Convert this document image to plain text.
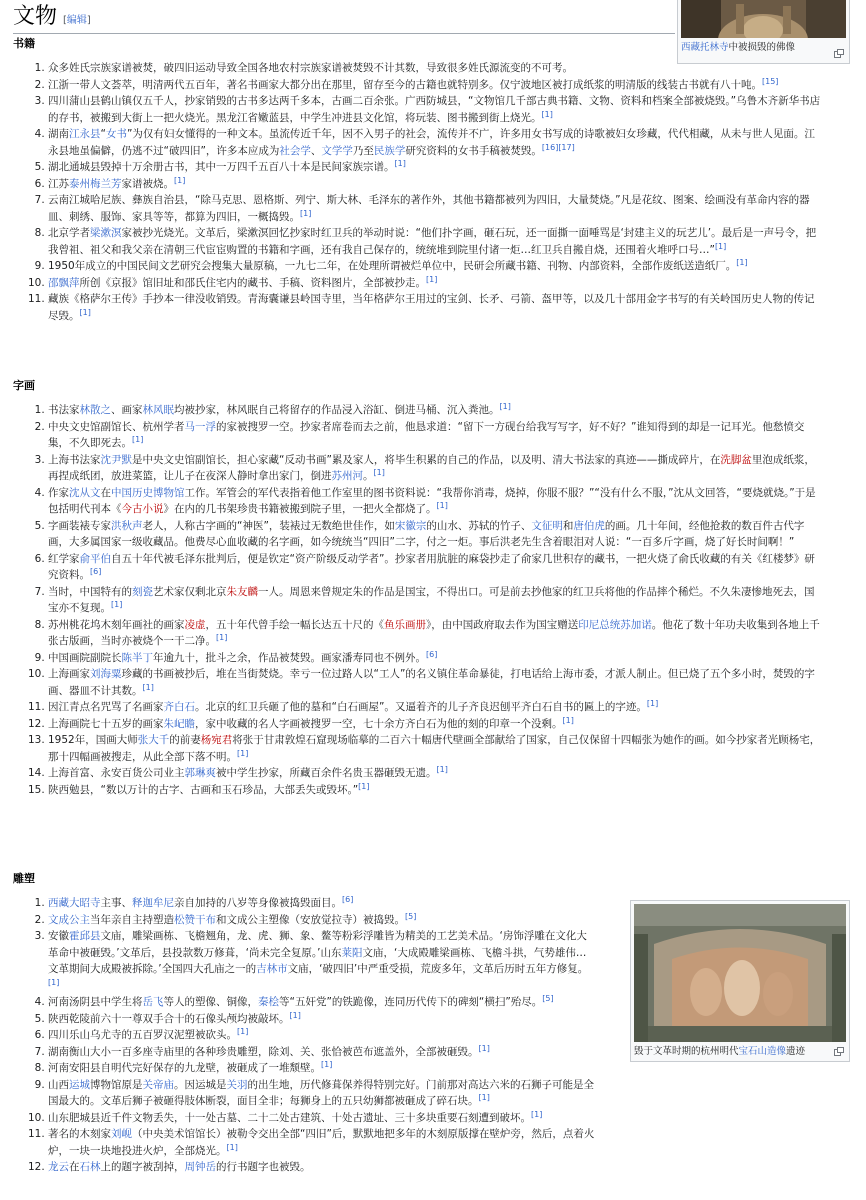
文物 [编辑]
西藏托林寺中被损毁的佛像
毁于文革时期的杭州明代宝石山造像遗迹
书籍
1. 众多姓氏宗族家谱被焚，破四旧运动导致全国各地农村宗族家谱被焚毁不计其数，导致很多姓氏源流变的不可考。
2. 江浙一带人文荟萃，明清两代五百年，著名书画家大都分出在那里，留存至今的古籍也就特别多。仅宁波地区被打成纸浆的明清版的线装古书就有八十吨。[15]
3. 四川蒲山县鹤山镇仅五千人，抄家销毁的古书多达两千多本，古画二百余张。广西防城县，“文物馆几千部古典书籍、文物、资料和档案全部被烧毁。”乌鲁木齐新华书店的存书，被搬到大街上一把火烧光。黑龙江省嫩蓝县，中学生冲进县文化馆，将玩装、图书搬到街上烧光。[1]
4. 湖南江永县“女书”为仅有妇女懂得的一种文本。虽流传近千年，因不入男子的社会，流传并不广，许多用女书写成的诗歌被妇女珍藏，代代相藏，从未与世人见面。江永县地虽偏僻，仍逃不过“破四旧”，许多本应成为社会学、文学学乃至民族学研究资料的女书手稿被焚毁。[16][17]
5. 湖北通城县毁掉十万余册古书，其中一万四千五百八十本是民间家族宗谱。[1]
6. 江苏泰州梅兰芳家谱被烧。[1]
7. 云南江城哈尼族、彝族自治县，“除马克思、恩格斯、列宁、斯大林、毛泽东的著作外，其他书籍都被列为四旧，大量焚烧。”凡是花纹、图案、绘画没有革命内容的器皿、刺绣、服饰、家具等等，都算为四旧，一概捣毁。[1]
8. 北京学者梁漱溟家被抄光烧光。文革后，梁漱溟回忆抄家时红卫兵的举动时说：“他们扑字画，砸石玩，还一面撕一面唾骂是‘封建主义的玩艺儿’。最后是一声号令，把我曾祖、祖父和我父亲在清朝三代宦宦购置的书籍和字画，还有我自己保存的，统统堆到院里付诸一炬…红卫兵自搬自烧，还围着火堆呼口号…”[1]
9. 1950年成立的中国民间文艺研究会搜集大量原稿，一九七二年，在处理所谓被烂单位中，民研会所藏书籍、刊物、内部资料，全部作废纸送造纸厂。[1]
10. 邵飘萍所创《京报》馆旧址和邵氏住宅内的藏书、手稿、资料图片，全部被抄走。[1]
11. 藏族《格萨尔王传》手抄本一律没收销毁。青海囊谦县岭国寺里，当年格萨尔王用过的宝剑、长矛、弓箭、盔甲等，以及几十部用金字书写的有关岭国历史人物的传记尽毁。[1]
字画
1. 书法家林散之、画家林风眠均被抄家，林风眠自己将留存的作品浸入浴缸、倒进马桶、沉入粪池。[1]
2. 中央文史馆副馆长、杭州学者马一浮的家被搜罗一空。抄家者席卷而去之前，他恳求道：“留下一方砚台给我写写字，好不好？”谁知得到的却是一记耳光。他愁愤交集，不久即死去。[1]
3. 上海书法家沈尹默是中央文史馆副馆长，担心家藏“反动书画”累及家人，将毕生积累的自己的作品，以及明、清大书法家的真迹——撕成碎片，在洗脚盆里泡成纸浆，再捏成纸团，放进菜篮，让儿子在夜深人静时拿出家门，倒进苏州河。[1]
4. 作家沈从文在中国历史博物馆工作。军管会的军代表指着他工作室里的图书资料说：“我帮你消毒，烧掉，你服不服？”“没有什么不服，”沈从文回答，“要烧就烧。”于是包括明代刊本《今古小说》在内的几书架珍贵书籍被搬到院子里，一把火全都烧了。[1]
5. 字画装裱专家洪秋声老人，人称古字画的“神医”，装裱过无数绝世佳作，如宋徽宗的山水、苏轼的竹子、文征明和唐伯虎的画。几十年间，经他抢救的数百件古代字画，大多属国家一级收藏品。他费尽心血收藏的名字画，如今统统当“四旧”二字，付之一炬。事后洪老先生含着眼泪对人说：“一百多斤字画，烧了好长时间啊！”
6. 红学家俞平伯自五十年代被毛泽东批判后，便是钦定“资产阶级反动学者”。抄家者用肮脏的麻袋抄走了俞家几世积存的藏书，一把火烧了俞氏收藏的有关《红楼梦》研究资料。[6]
7. 当时，中国特有的刻瓷艺术家仅剩北京朱友麟一人。周恩来曾规定朱的作品是国宝，不得出口。可是前去抄他家的红卫兵将他的作品摔个稀烂。不久朱凄惨地死去，国宝亦不复现。[1]
8. 苏州桃花坞木刻年画社的画家凌虚，五十年代曾手绘一幅长达五十尺的《鱼乐画册》，由中国政府取去作为国宝赠送印尼总统苏加诺。他花了数十年功夫收集到各地上千张古版画，当时亦被烧个一干二净。[1]
9. 中国画院副院长陈半丁年逾九十，批斗之余，作品被焚毁。画家潘寿同也不例外。[6]
10. 上海画家刘海粟珍藏的书画被抄后，堆在当街焚烧。幸亏一位过路人以“工人”的名义镇住革命暴徒，打电话给上海市委，才派人制止。但已烧了五个多小时，焚毁的字画、器皿不计其数。[1]
11. 因江青点名咒骂了名画家齐白石。北京的红卫兵砸了他的墓和“白石画屋”。又逼着齐的儿子齐良迟刨平齐白石自书的匾上的字迹。[1]
12. 上海画院七十五岁的画家朱屺瞻，家中收藏的名人字画被搜罗一空，七十余方齐白石为他的刻的印章一个没剩。[1]
13. 1952年，国画大师张大千的前妻杨宛君将张于甘肃敦煌石窟现场临摹的二百六十幅唐代壁画全部献给了国家，自己仅保留十四幅张为她作的画。如今抄家者光顾杨宅，那十四幅画被搜走，从此全部下落不明。[1]
14. 上海首富、永安百货公司业主郭琳爽被中学生抄家，所藏百余件名贵玉器砸毁无遗。[1]
15. 陕西勉县，“数以万计的古字、古画和玉石珍品，大部丢失或毁坏。”[1]
雕塑
1. 西藏大昭寺主事、释迦牟尼亲自加持的八岁等身像被捣毁面目。[6]
2. 文成公主当年亲自主持塑造松赞干布和文成公主塑像（安放觉拉寺）被捣毁。[5]
3. 安徽霍邱县文庙，雕梁画栋、飞檐翘角，龙、虎、狮、象、鳌等粉彩浮雕皆为精美的工艺美术品。‘房饰浮雕在文化大革命中被砸毁。’文革后，县投款数万修葺，‘尚未完全复原。’山东莱阳文庙，‘大成殿雕梁画栋、飞檐斗拱，气势雄伟…文革期间大成殿被拆除。’全国四大孔庙之一的吉林市文庙，‘破四旧’中严重受损，荒废多年，文革后历时五年方修复。[1]
4. 河南汤阴县中学生将岳飞等人的塑像、铜像，秦桧等“五奸党”的铁跪像，连同历代传下的碑刻“横扫”殆尽。[5]
5. 陕西乾陵前六十一尊双手合十的石像头颅均被敲坏。[1]
6. 四川乐山乌尤寺的五百罗汉泥塑被砍头。[1]
7. 湖南衡山大小一百多座寺庙里的各种珍贵雕塑，除刘、关、张恰被芭布遮盖外，全部被砸毁。[1]
8. 河南安阳县自明代完好保存的九龙壁，被砸成了一堆颓壁。[1]
9. 山西运城博物馆原是关帝庙。因运城是关羽的出生地，历代修葺保养得特别完好。门前那对高达六米的石狮子可能是全国最大的。文革后狮子被砸得肢体断裂，面目全非；每狮身上的五只幼狮都被砸成了碎石块。[1]
10. 山东肥城县近千件文物丢失，十一处古墓、二十二处古建筑、十处古遗址、三十多块重要石刻遭到破坏。[1]
11. 著名的木刻家刘岘（中央美术馆馆长）被勒令交出全部“四旧”后，默默地把多年的木刻原版撑在壁炉旁，然后，点着火炉，一块一块地投进火炉，全部烧光。[1]
12. 龙云在石林上的题字被刮掉，周钟岳的行书题字也被毁。
